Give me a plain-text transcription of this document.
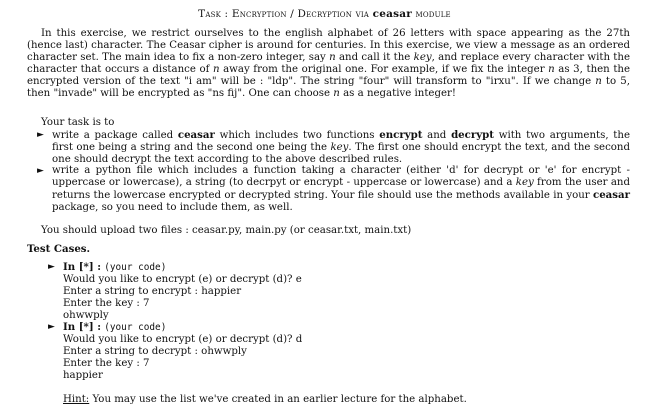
Task : Encryption / Decryption via ceasar module

In this exercise, we restrict ourselves to the english alphabet of 26 letters with space appearing as the 27th (hence last) character. The Ceasar cipher is around for centuries. In this exercise, we view a message as an ordered character set. The main idea to fix a non-zero integer, say n and call it the key, and replace every character with the character that occurs a distance of n away from the original one. For example, if we fix the integer n as 3, then the encrypted version of the text "i am" will be : "ldp". The string "four" will transform to "irxu". If we change n to 5, then "invade" will be encrypted as "ns fij". One can choose n as a negative integer!

Your task is to
► write a package called ceasar which includes two functions encrypt and decrypt with two arguments, the first one being a string and the second one being the key. The first one should encrypt the text, and the second one should decrypt the text according to the above described rules.
► write a python file which includes a function taking a character (either 'd' for decrypt or 'e' for encrypt - uppercase or lowercase), a string (to decrpyt or encrypt - uppercase or lowercase) and a key from the user and returns the lowercase encrypted or decrypted string. Your file should use the methods available in your ceasar package, so you need to include them, as well.
You should upload two files : ceasar.py, main.py (or ceasar.txt, main.txt)
Test Cases.
► In [*] : (your code)
Would you like to encrypt (e) or decrypt (d)? e
Enter a string to encrypt : happier
Enter the key : 7
ohwwply
► In [*] : (your code)
Would you like to encrypt (e) or decrypt (d)? d
Enter a string to decrypt : ohwwply
Enter the key : 7
happier
Hint: You may use the list we've created in an earlier lecture for the alphabet.
